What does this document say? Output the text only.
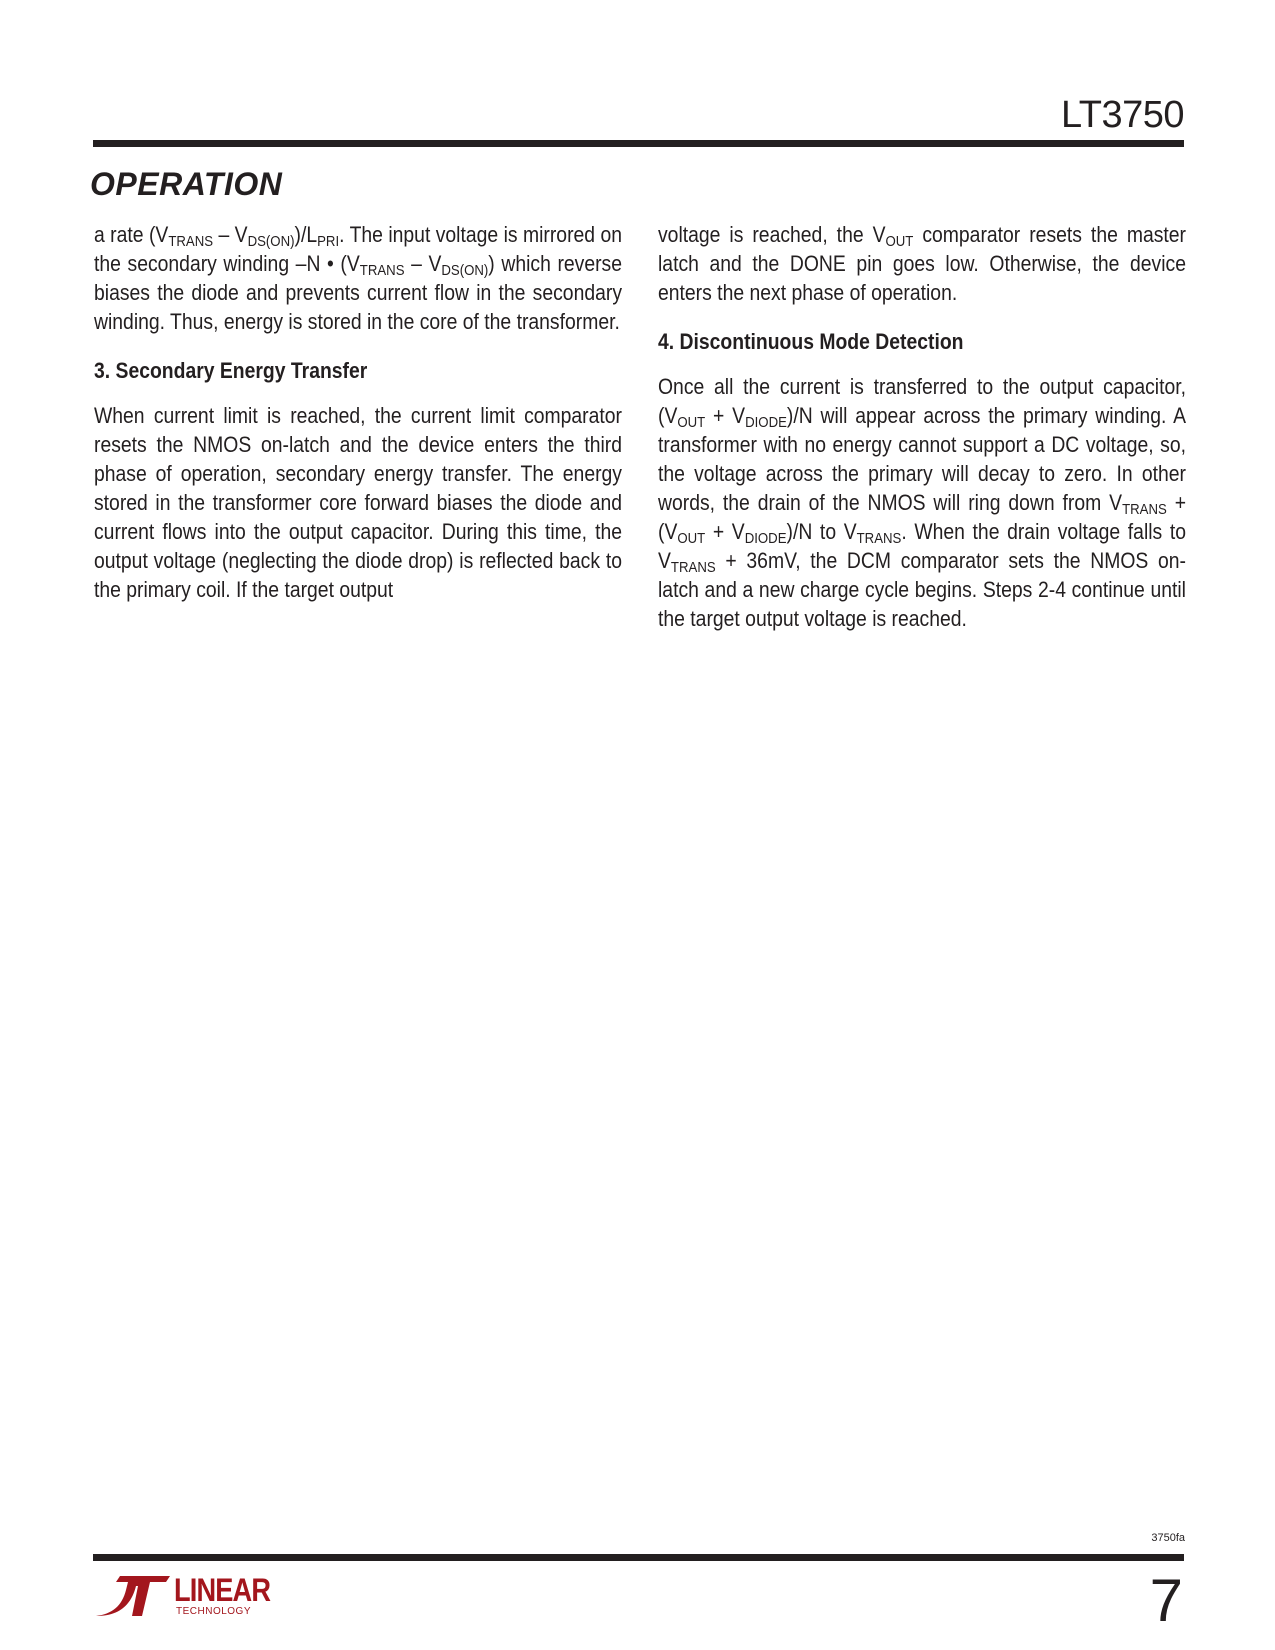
LT3750
OPERATION

a rate $(V_{TRANS} - V_{DS(ON)})/L_{PRI}$. The input voltage is mirrored on the secondary winding –N • $(V_{TRANS} - V_{DS(ON)})$ which reverse biases the diode and prevents current flow in the secondary winding. Thus, energy is stored in the core of the transformer.

3. Secondary Energy Transfer

When current limit is reached, the current limit comparator resets the NMOS on-latch and the device enters the third phase of operation, secondary energy transfer. The energy stored in the transformer core forward biases the diode and current flows into the output capacitor. During this time, the output voltage (neglecting the diode drop) is reflected back to the primary coil. If the target output

voltage is reached, the $V_{OUT}$ comparator resets the master latch and the DONE pin goes low. Otherwise, the device enters the next phase of operation.

4. Discontinuous Mode Detection

Once all the current is transferred to the output capacitor, $(V_{OUT} + V_{DIODE})/N$ will appear across the primary winding. A transformer with no energy cannot support a DC voltage, so, the voltage across the primary will decay to zero. In other words, the drain of the NMOS will ring down from $V_{TRANS} + (V_{OUT} + V_{DIODE})/N$ to $V_{TRANS}$. When the drain voltage falls to $V_{TRANS} + 36mV$, the DCM comparator sets the NMOS on-latch and a new charge cycle begins. Steps 2-4 continue until the target output voltage is reached.

3750fa
LINEAR
TECHNOLOGY	7
